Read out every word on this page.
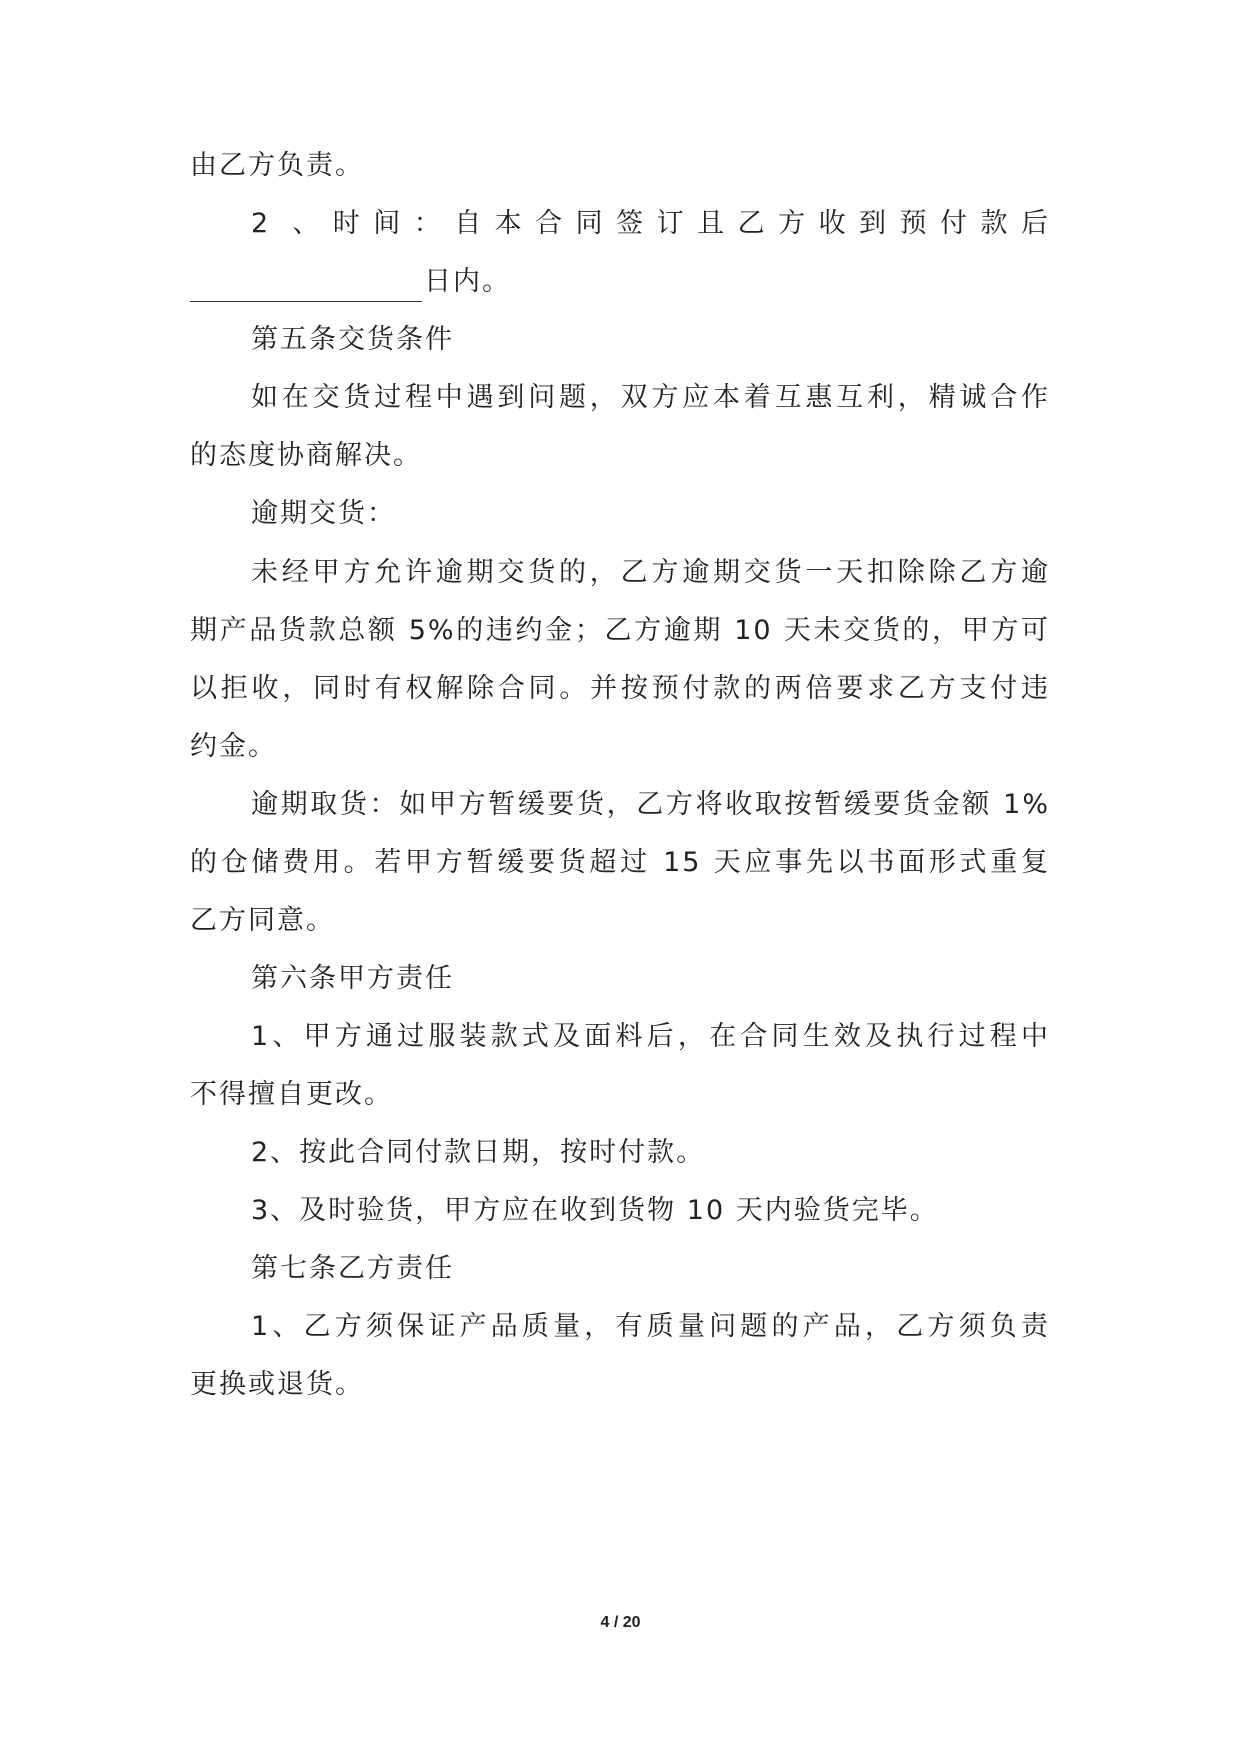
由乙方负责。
2 、时间：自本合同签订且乙方收到预付款后
日内。
第五条交货条件
如在交货过程中遇到问题，双方应本着互惠互利，精诚合作
的态度协商解决。
逾期交货：
未经甲方允许逾期交货的，乙方逾期交货一天扣除除乙方逾
期产品货款总额 5%的违约金；乙方逾期 10 天未交货的，甲方可
以拒收，同时有权解除合同。并按预付款的两倍要求乙方支付违
约金。
逾期取货：如甲方暂缓要货，乙方将收取按暂缓要货金额 1%
的仓储费用。若甲方暂缓要货超过 15 天应事先以书面形式重复
乙方同意。
第六条甲方责任
1、甲方通过服装款式及面料后，在合同生效及执行过程中
不得擅自更改。
2、按此合同付款日期，按时付款。
3、及时验货，甲方应在收到货物 10 天内验货完毕。
第七条乙方责任
1、乙方须保证产品质量，有质量问题的产品，乙方须负责
更换或退货。
4 / 20
